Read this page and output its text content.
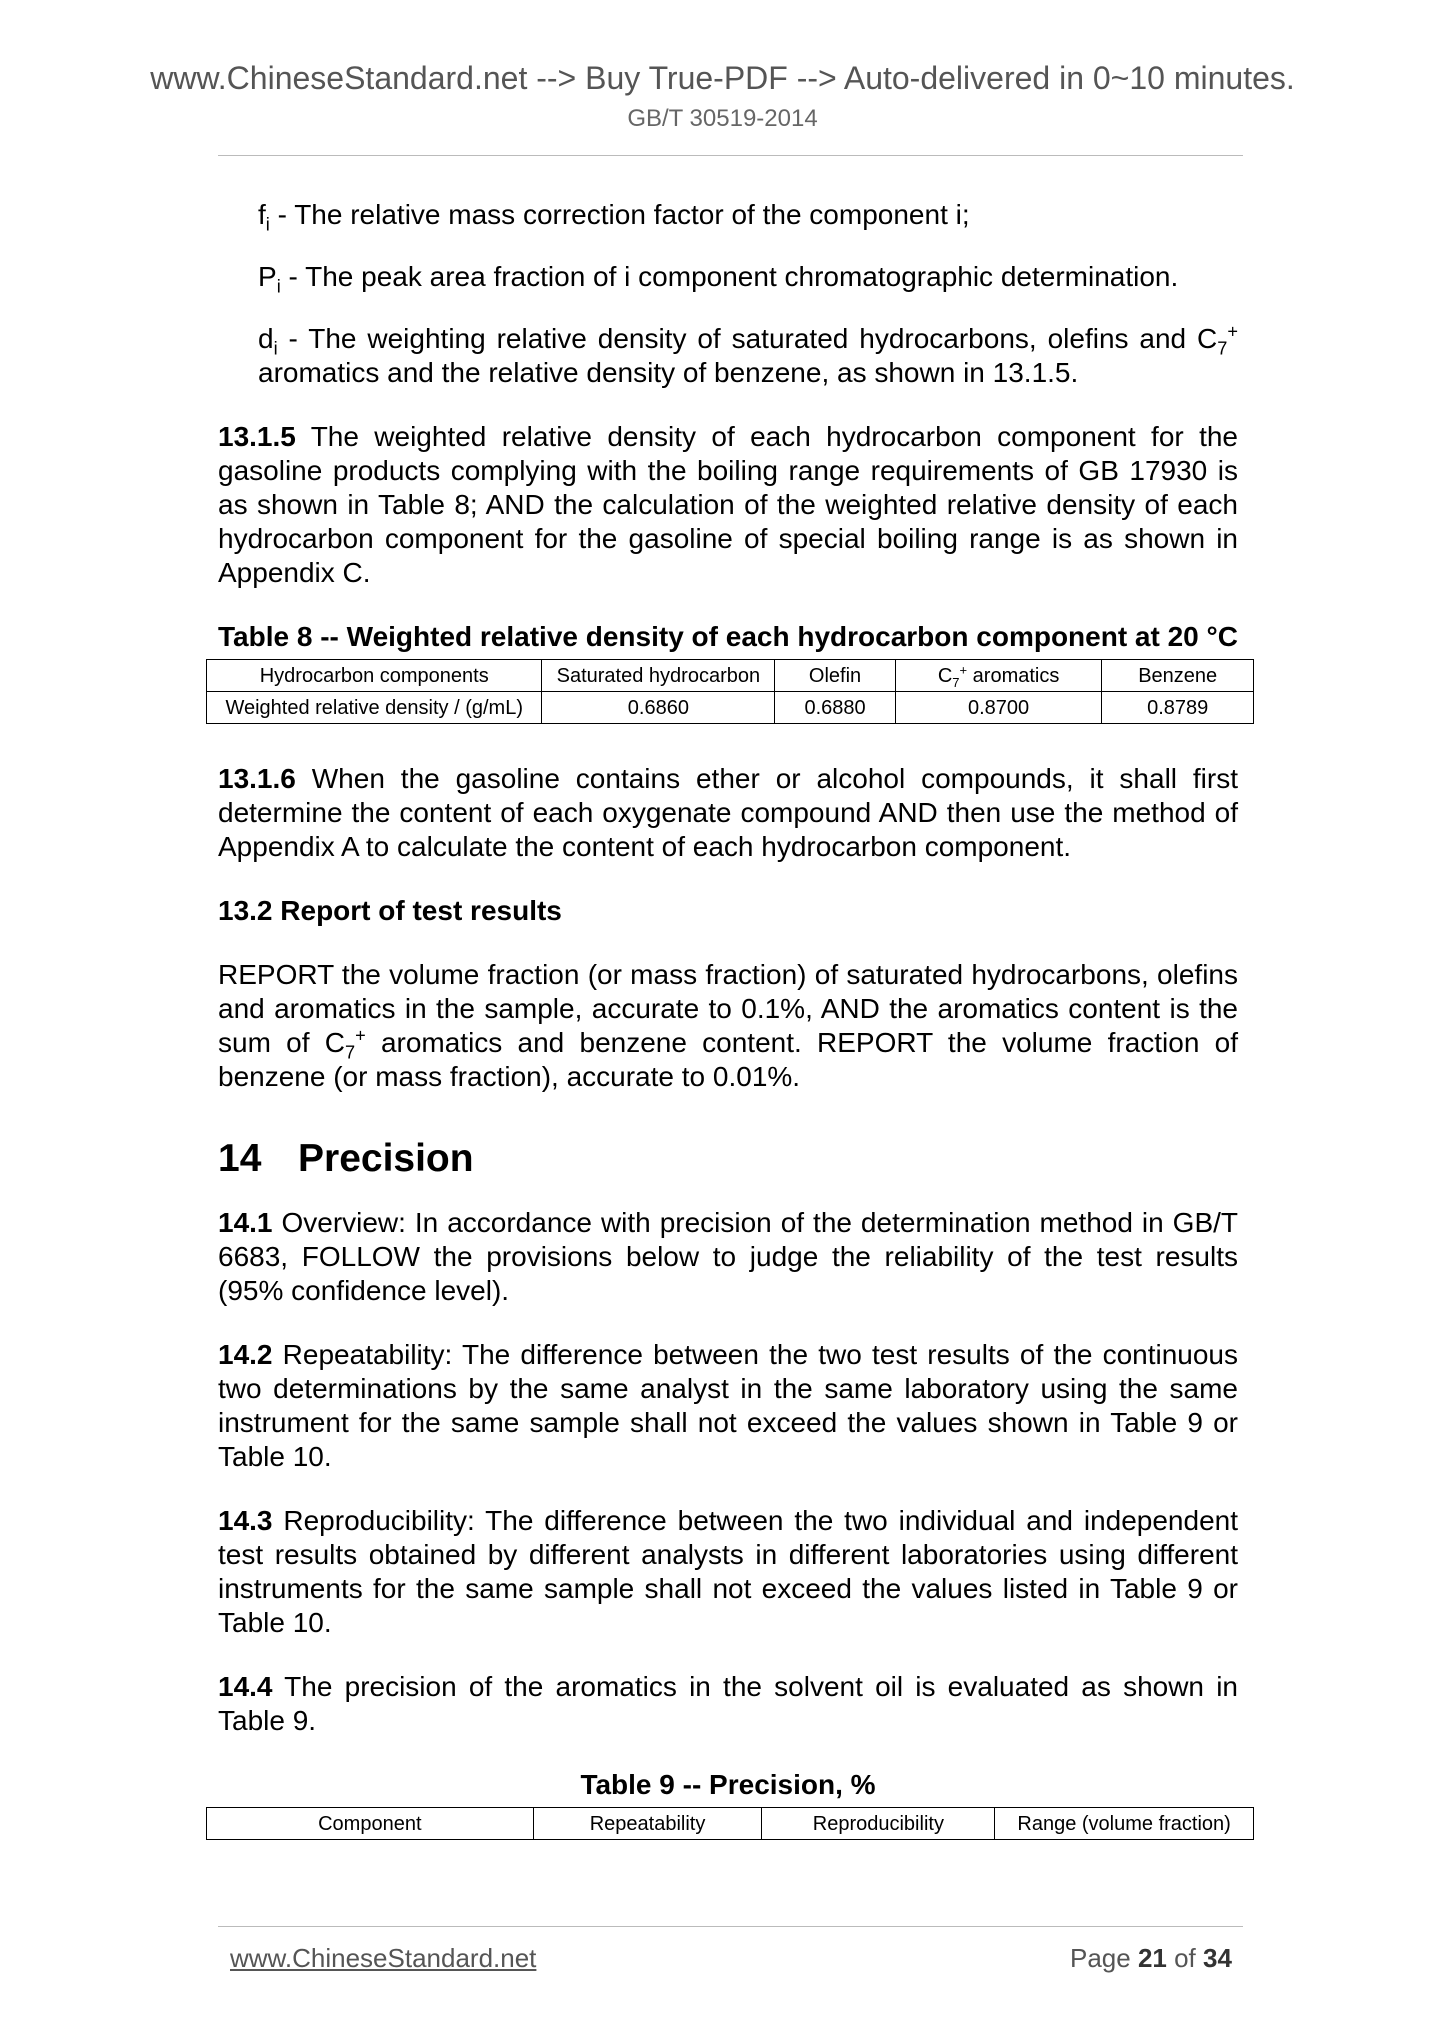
www.ChineseStandard.net --> Buy True-PDF --> Auto-delivered in 0~10 minutes.
GB/T 30519-2014

$f_i$ - The relative mass correction factor of the component i;

$P_i$ - The peak area fraction of i component chromatographic determination.

$d_i$ - The weighting relative density of saturated hydrocarbons, olefins and $C_7^+$ aromatics and the relative density of benzene, as shown in 13.1.5.

13.1.5 The weighted relative density of each hydrocarbon component for the gasoline products complying with the boiling range requirements of GB 17930 is as shown in Table 8; AND the calculation of the weighted relative density of each hydrocarbon component for the gasoline of special boiling range is as shown in Appendix C.

Table 8 -- Weighted relative density of each hydrocarbon component at 20 °C
Hydrocarbon components	Saturated hydrocarbon	Olefin	$C_7^+$ aromatics	Benzene
Weighted relative density / (g/mL)	0.6860	0.6880	0.8700	0.8789

13.1.6 When the gasoline contains ether or alcohol compounds, it shall first determine the content of each oxygenate compound AND then use the method of Appendix A to calculate the content of each hydrocarbon component.

13.2 Report of test results

REPORT the volume fraction (or mass fraction) of saturated hydrocarbons, olefins and aromatics in the sample, accurate to 0.1%, AND the aromatics content is the sum of $C_7^+$ aromatics and benzene content. REPORT the volume fraction of benzene (or mass fraction), accurate to 0.01%.

14 Precision

14.1 Overview: In accordance with precision of the determination method in GB/T 6683, FOLLOW the provisions below to judge the reliability of the test results (95% confidence level).

14.2 Repeatability: The difference between the two test results of the continuous two determinations by the same analyst in the same laboratory using the same instrument for the same sample shall not exceed the values shown in Table 9 or Table 10.

14.3 Reproducibility: The difference between the two individual and independent test results obtained by different analysts in different laboratories using different instruments for the same sample shall not exceed the values listed in Table 9 or Table 10.

14.4 The precision of the aromatics in the solvent oil is evaluated as shown in Table 9.

Table 9 -- Precision, %
Component	Repeatability	Reproducibility	Range (volume fraction)
www.ChineseStandard.net	Page 21 of 34
